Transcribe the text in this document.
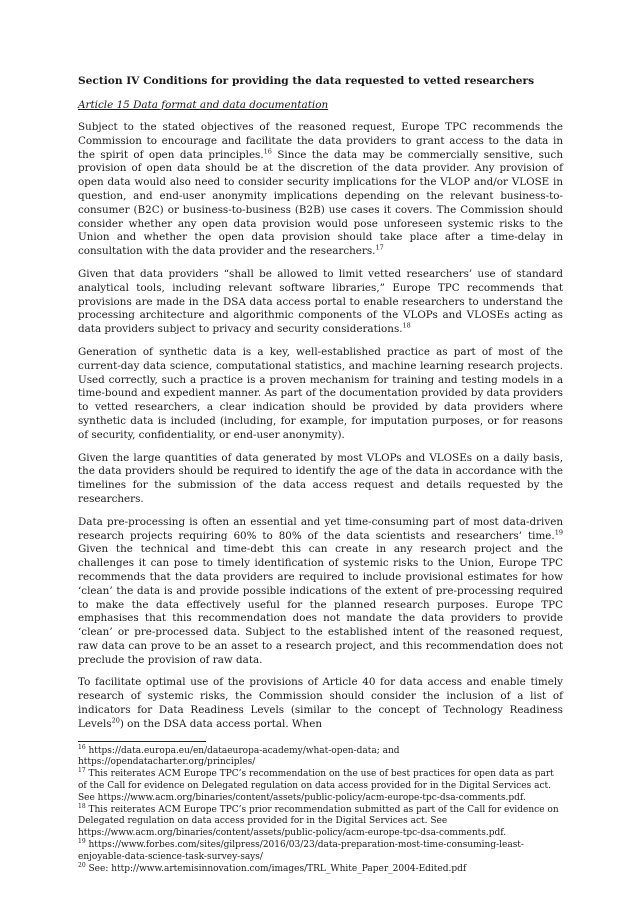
Section IV Conditions for providing the data requested to vetted researchers
Article 15 Data format and data documentation

Subject to the stated objectives of the reasoned request, Europe TPC recommends the Commission to encourage and facilitate the data providers to grant access to the data in the spirit of open data principles.$^{16}$ Since the data may be commercially sensitive, such provision of open data should be at the discretion of the data provider. Any provision of open data would also need to consider security implications for the VLOP and/or VLOSE in question, and end-user anonymity implications depending on the relevant business-to-consumer (B2C) or business-to-business (B2B) use cases it covers. The Commission should consider whether any open data provision would pose unforeseen systemic risks to the Union and whether the open data provision should take place after a time-delay in consultation with the data provider and the researchers.$^{17}$

Given that data providers “shall be allowed to limit vetted researchers’ use of standard analytical tools, including relevant software libraries,” Europe TPC recommends that provisions are made in the DSA data access portal to enable researchers to understand the processing architecture and algorithmic components of the VLOPs and VLOSEs acting as data providers subject to privacy and security considerations.$^{18}$

Generation of synthetic data is a key, well-established practice as part of most of the current-day data science, computational statistics, and machine learning research projects. Used correctly, such a practice is a proven mechanism for training and testing models in a time-bound and expedient manner. As part of the documentation provided by data providers to vetted researchers, a clear indication should be provided by data providers where synthetic data is included (including, for example, for imputation purposes, or for reasons of security, confidentiality, or end-user anonymity).

Given the large quantities of data generated by most VLOPs and VLOSEs on a daily basis, the data providers should be required to identify the age of the data in accordance with the timelines for the submission of the data access request and details requested by the researchers.

Data pre-processing is often an essential and yet time-consuming part of most data-driven research projects requiring 60% to 80% of the data scientists and researchers’ time.$^{19}$ Given the technical and time-debt this can create in any research project and the challenges it can pose to timely identification of systemic risks to the Union, Europe TPC recommends that the data providers are required to include provisional estimates for how ‘clean’ the data is and provide possible indications of the extent of pre-processing required to make the data effectively useful for the planned research purposes. Europe TPC emphasises that this recommendation does not mandate the data providers to provide ‘clean’ or pre-processed data. Subject to the established intent of the reasoned request, raw data can prove to be an asset to a research project, and this recommendation does not preclude the provision of raw data.

To facilitate optimal use of the provisions of Article 40 for data access and enable timely research of systemic risks, the Commission should consider the inclusion of a list of indicators for Data Readiness Levels (similar to the concept of Technology Readiness Levels$^{20}$) on the DSA data access portal. When

$^{16}$ https://data.europa.eu/en/dataeuropa-academy/what-open-data; and https://opendatacharter.org/principles/

$^{17}$ This reiterates ACM Europe TPC’s recommendation on the use of best practices for open data as part of the Call for evidence on Delegated regulation on data access provided for in the Digital Services act. See https://www.acm.org/binaries/content/assets/public-policy/acm-europe-tpc-dsa-comments.pdf.

$^{18}$ This reiterates ACM Europe TPC’s prior recommendation submitted as part of the Call for evidence on Delegated regulation on data access provided for in the Digital Services act. See https://www.acm.org/binaries/content/assets/public-policy/acm-europe-tpc-dsa-comments.pdf.

$^{19}$ https://www.forbes.com/sites/gilpress/2016/03/23/data-preparation-most-time-consuming-least-enjoyable-data-science-task-survey-says/

$^{20}$ See: http://www.artemisinnovation.com/images/TRL_White_Paper_2004-Edited.pdf
